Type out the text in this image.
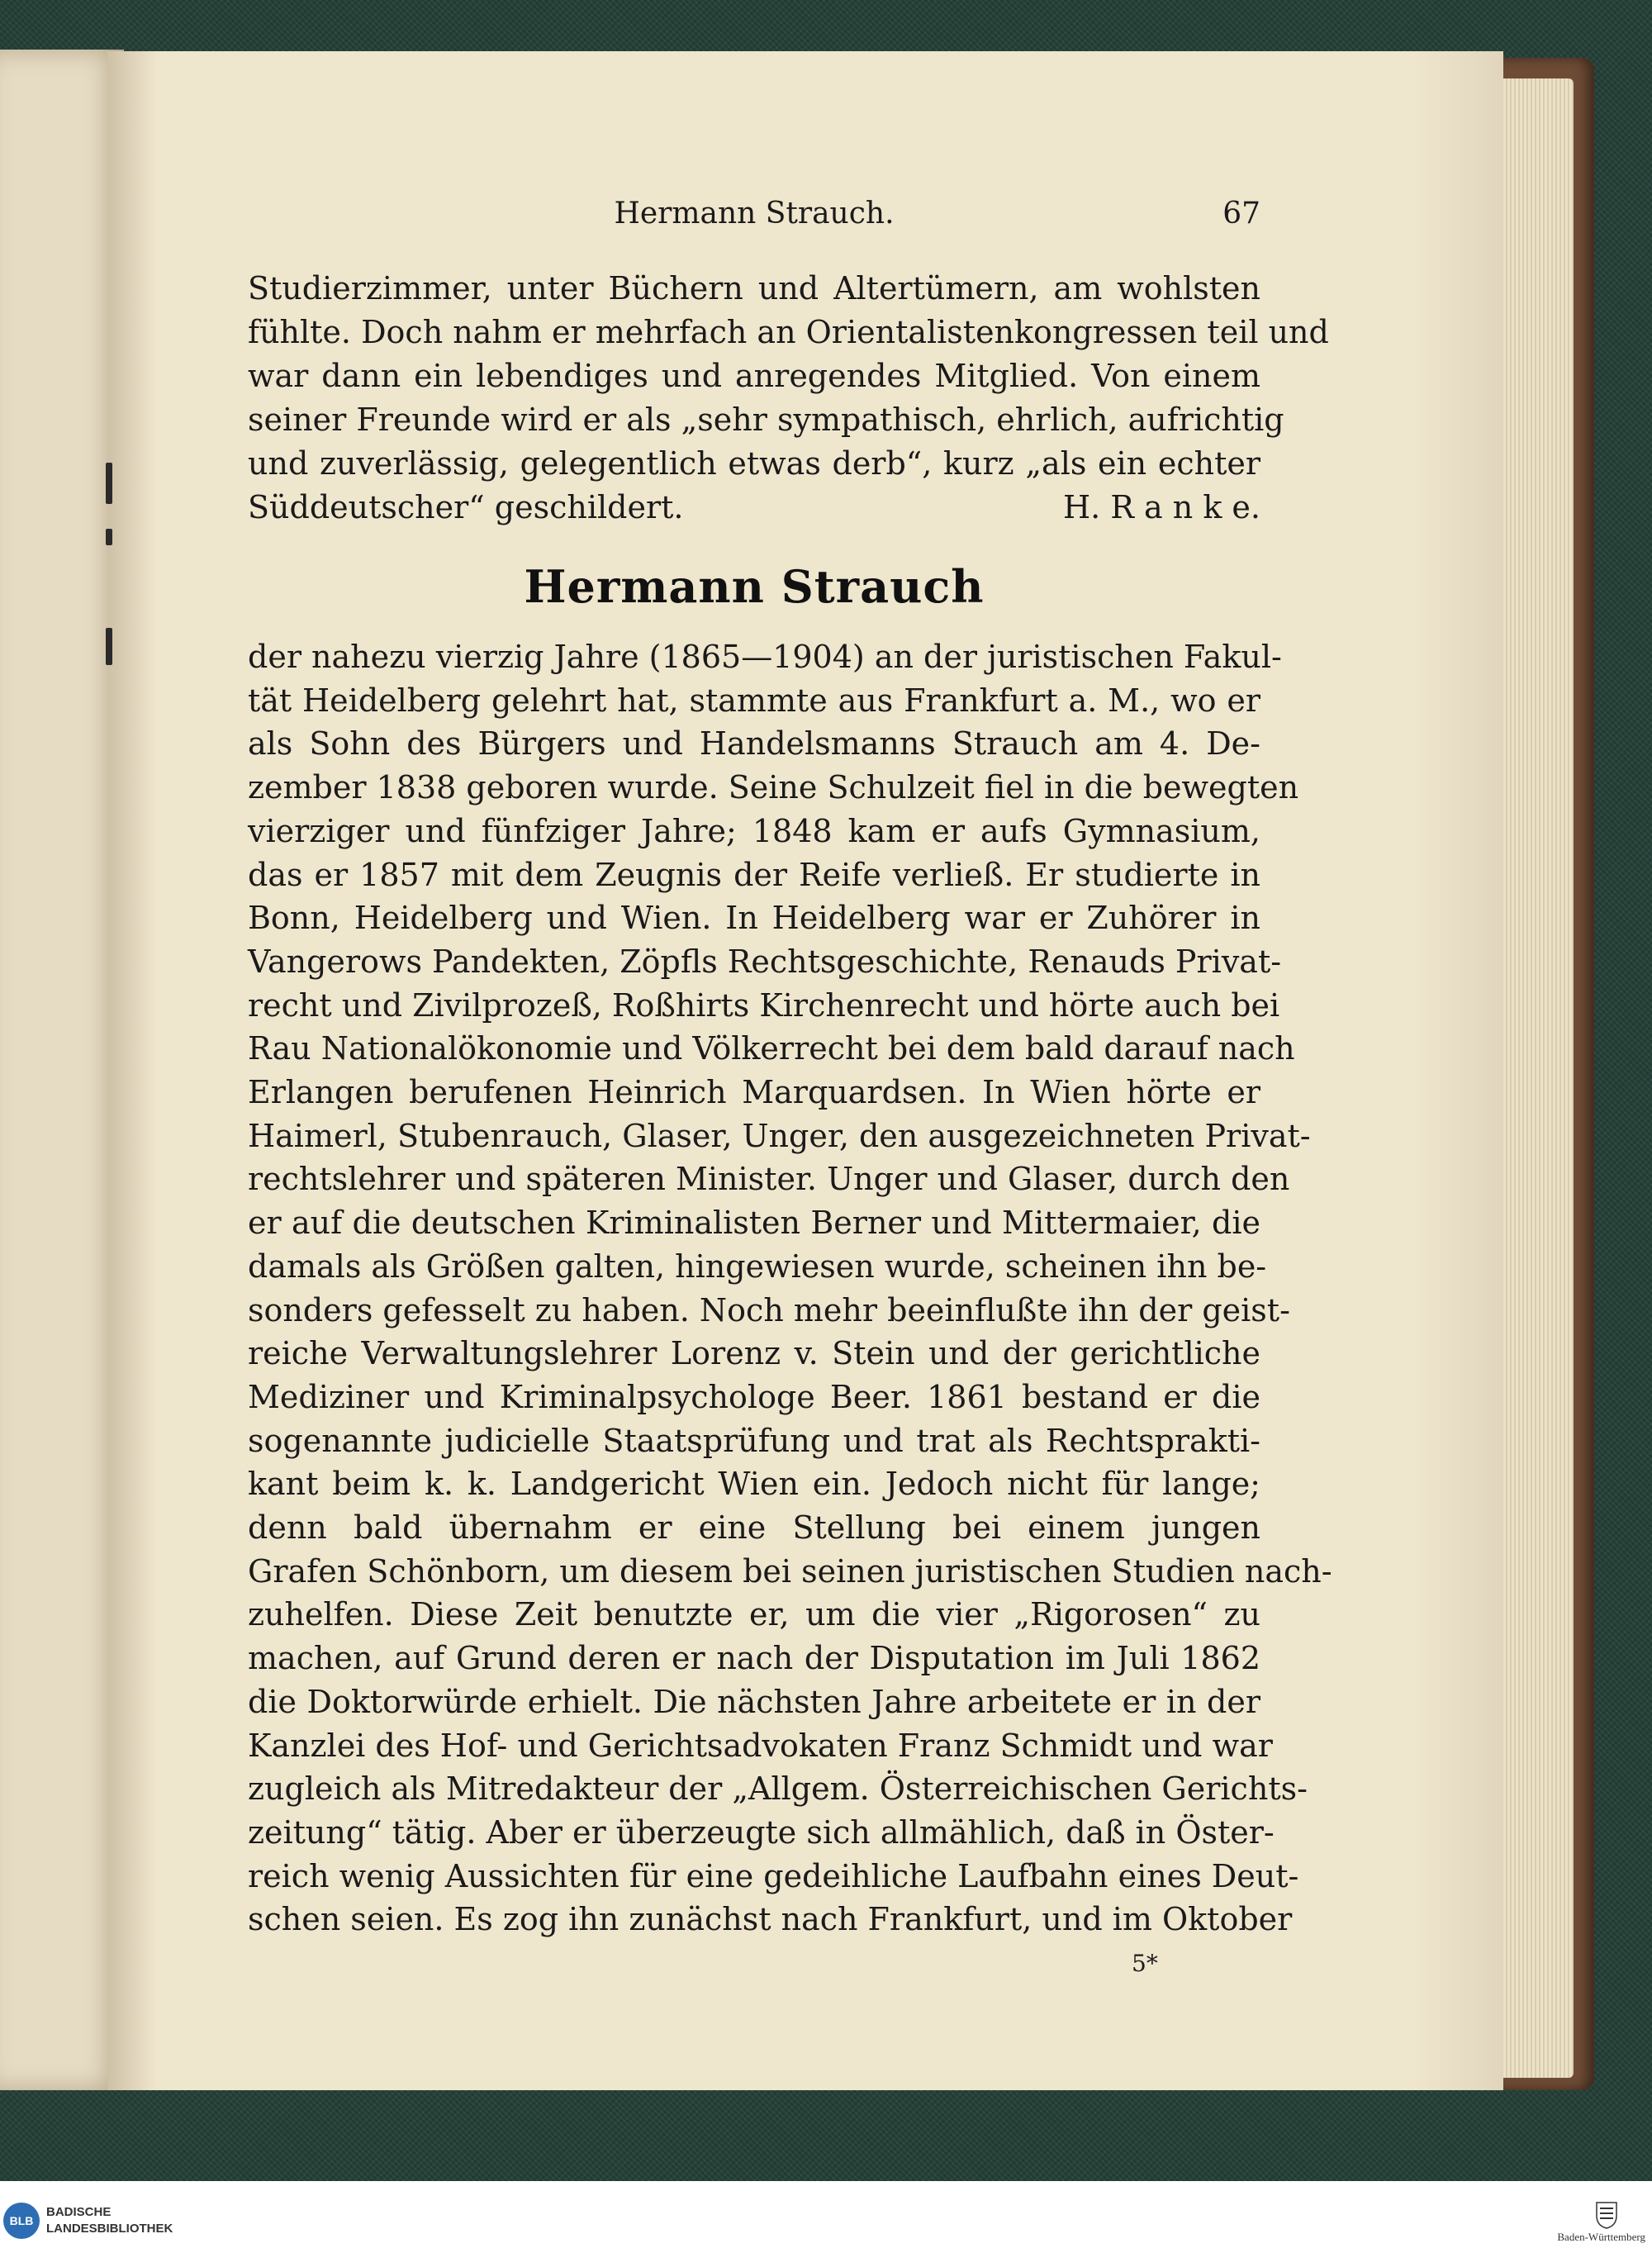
Hermann Strauch.	67
Studierzimmer, unter Büchern und Altertümern, am wohlsten
fühlte. Doch nahm er mehrfach an Orientalistenkongressen teil und
war dann ein lebendiges und anregendes Mitglied. Von einem
seiner Freunde wird er als „sehr sympathisch, ehrlich, aufrichtig
und zuverlässig, gelegentlich etwas derb“, kurz „als ein echter
Süddeutscher“ geschildert.	H. R a n k e.
Hermann Strauch
der nahezu vierzig Jahre (1865—1904) an der juristischen Fakul-
tät Heidelberg gelehrt hat, stammte aus Frankfurt a. M., wo er
als Sohn des Bürgers und Handelsmanns Strauch am 4. De-
zember 1838 geboren wurde. Seine Schulzeit fiel in die bewegten
vierziger und fünfziger Jahre; 1848 kam er aufs Gymnasium,
das er 1857 mit dem Zeugnis der Reife verließ. Er studierte in
Bonn, Heidelberg und Wien. In Heidelberg war er Zuhörer in
Vangerows Pandekten, Zöpfls Rechtsgeschichte, Renauds Privat-
recht und Zivilprozeß, Roßhirts Kirchenrecht und hörte auch bei
Rau Nationalökonomie und Völkerrecht bei dem bald darauf nach
Erlangen berufenen Heinrich Marquardsen. In Wien hörte er
Haimerl, Stubenrauch, Glaser, Unger, den ausgezeichneten Privat-
rechtslehrer und späteren Minister. Unger und Glaser, durch den
er auf die deutschen Kriminalisten Berner und Mittermaier, die
damals als Größen galten, hingewiesen wurde, scheinen ihn be-
sonders gefesselt zu haben. Noch mehr beeinflußte ihn der geist-
reiche Verwaltungslehrer Lorenz v. Stein und der gerichtliche
Mediziner und Kriminalpsychologe Beer. 1861 bestand er die
sogenannte judicielle Staatsprüfung und trat als Rechtsprakti-
kant beim k. k. Landgericht Wien ein. Jedoch nicht für lange;
denn bald übernahm er eine Stellung bei einem jungen
Grafen Schönborn, um diesem bei seinen juristischen Studien nach-
zuhelfen. Diese Zeit benutzte er, um die vier „Rigorosen“ zu
machen, auf Grund deren er nach der Disputation im Juli 1862
die Doktorwürde erhielt. Die nächsten Jahre arbeitete er in der
Kanzlei des Hof- und Gerichtsadvokaten Franz Schmidt und war
zugleich als Mitredakteur der „Allgem. Österreichischen Gerichts-
zeitung“ tätig. Aber er überzeugte sich allmählich, daß in Öster-
reich wenig Aussichten für eine gedeihliche Laufbahn eines Deut-
schen seien. Es zog ihn zunächst nach Frankfurt, und im Oktober
5*
BLB
BADISCHE
LANDESBIBLIOTHEK
Baden-Württemberg
